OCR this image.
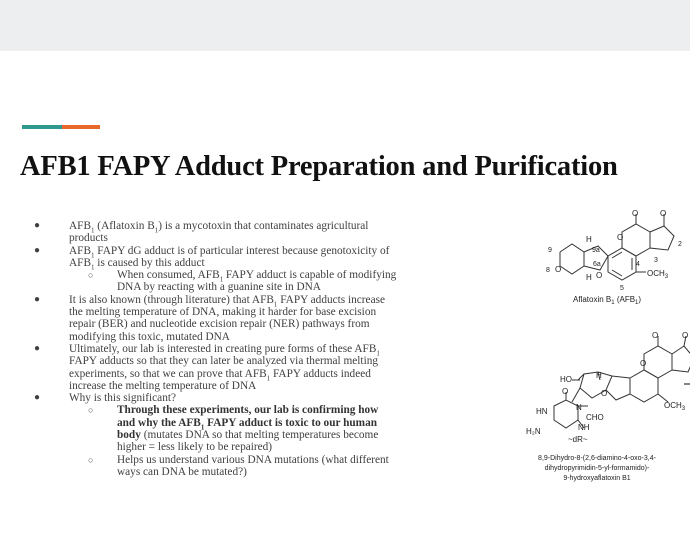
AFB1 FAPY Adduct Preparation and Purification
●	$AFB_1$ (Aflatoxin $B_1$) is a mycotoxin that contaminates agricultural products
●	$AFB_1$ FAPY dG adduct is of particular interest because genotoxicity of $AFB_1$ is caused by this adduct
○ When consumed, $AFB_1$ FAPY adduct is capable of modifying DNA by reacting with a guanine site in DNA
●	It is also known (through literature) that $AFB_1$ FAPY adducts increase the melting temperature of DNA, making it harder for base excision repair (BER) and nucleotide excision repair (NER) pathways from modifying this toxic, mutated DNA
●	Ultimately, our lab is interested in creating pure forms of these $AFB_1$ FAPY adducts so that they can later be analyzed via thermal melting experiments, so that we can prove that $AFB_1$ FAPY adducts indeed increase the melting temperature of DNA
●	Why is this significant?
○ Through these experiments, our lab is confirming how and why the $AFB_1$ FAPY adduct is toxic to our human body (mutates DNA so that melting temperatures become higher = less likely to be repaired)
○ Helps us understand various DNA mutations (what different ways can DNA be mutated?)
O	O
O
O
O
H
H	$OCH_3$
2
3
4
5
6a
9a
8
9
Aflatoxin $B_1$ $(AFB_1)$
O	O
O
HO	H
O
O
N
CHO
HN
NH
H₂N
~dR~
$OCH_3$
8,9-Dihydro-8-(2,6-diamino-4-oxo-3,4-
dihydropyrimidin-5-yl-formamido)-
9-hydroxyaflatoxin B1
